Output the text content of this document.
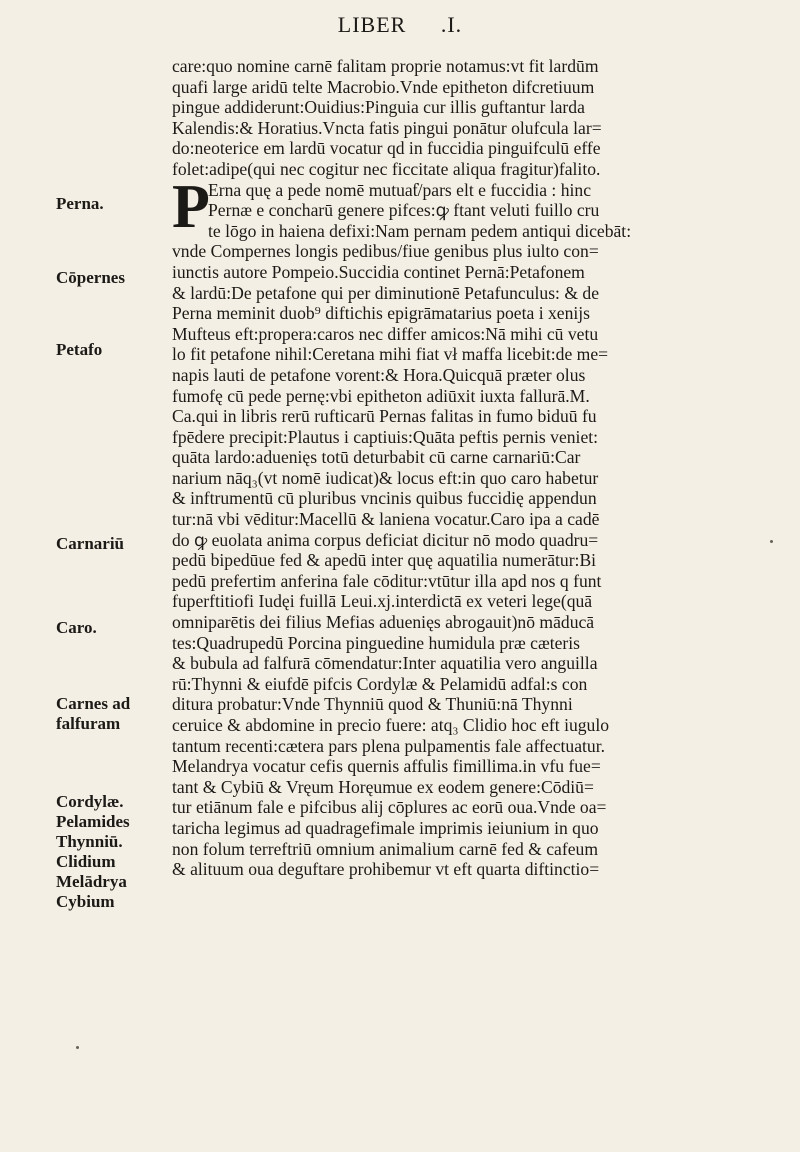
LIBER .I.
care:quo nomine carnē falitam proprie notamus:vt fit lardūm
quafi large aridū telte Macrobio.Vnde epitheton difcretiuum
pingue addiderunt:Ouidius:Pinguia cur illis guftantur larda
Kalendis:& Horatius.Vncta fatis pingui ponātur olufcula lar=
do:neoterice em lardū vocatur qd in fuccidia pinguifculū effe
folet:adipe(qui nec cogitur nec ficcitate aliqua fragitur)falito.
P
Erna quę a pede nomē mutuaƭ/pars elt e fuccidia : hinc
Pernæ e concharū genere pifces:ꝙ ftant veluti fuillo cru
te lōgo in haiena defixi:Nam pernam pedem antiqui dicebāt:
vnde Compernes longis pedibus/fiue genibus plus iulto con=
iunctis autore Pompeio.Succidia continet Pernā:Petafonem
& lardū:De petafone qui per diminutionē Petafunculus: & de
Perna meminit duob⁹ diftichis epigrāmatarius poeta i xenijs
Mufteus eft:propera:caros nec differ amicos:Nā mihi cū vetu
lo fit petafone nihil:Ceretana mihi fiat vł maffa licebit:de me=
napis lauti de petafone vorent:& Hora.Quicquā præter olus
fumofę cū pede pernę:vbi epitheton adiūxit iuxta fallurā.M.
Ca.qui in libris rerū rufticarū Pernas falitas in fumo biduū fu
fpēdere precipit:Plautus i captiuis:Quāta peftis pernis veniet:
quāta lardo:aduenięs totū deturbabit cū carne carnariū:Car
narium nāq₃(vt nomē iudicat)& locus eft:in quo caro habetur
& inftrumentū cū pluribus vncinis quibus fuccidię appendun
tur:nā vbi vēditur:Macellū & laniena vocatur.Caro ipa a cadē
do ꝙ euolata anima corpus deficiat dicitur nō modo quadru=
pedū bipedūue fed & apedū inter quę aquatilia numerātur:Bi
pedū prefertim anferina fale cōditur:vtūtur illa apd nos q funt
fuperftitiofi Iudęi fuillā Leui.xj.interdictā ex veteri lege(quā
omniparētis dei filius Mefias aduenięs abrogauit)nō māducā
tes:Quadrupedū Porcina pinguedine humidula præ cæteris
& bubula ad falfurā cōmendatur:Inter aquatilia vero anguilla
rū:Thynni & eiufdē pifcis Cordylæ & Pelamidū adfal:s con
ditura probatur:Vnde Thynniū quod & Thuniū:nā Thynni
ceruice & abdomine in precio fuere: atq₃ Clidio hoc eft iugulo
tantum recenti:cætera pars plena pulpamentis fale affectuatur.
Melandrya vocatur cefis quernis affulis fimillima.in vfu fue=
tant & Cybiū & Vręum Horęumue ex eodem genere:Cōdiū=
tur etiānum fale e pifcibus alij cōplures ac eorū oua.Vnde oa=
taricha legimus ad quadragefimale imprimis ieiunium in quo
non folum terreftriū omnium animalium carnē fed & cafeum
& alituum oua deguftare prohibemur vt eft quarta diftinctio=
Perna.
Cōpernes
Petafo
Carnariū
Caro.
Carnes ad
falfuram
Cordylæ.
Pelamides
Thynniū.
Clidium
Melādrya
Cybium
